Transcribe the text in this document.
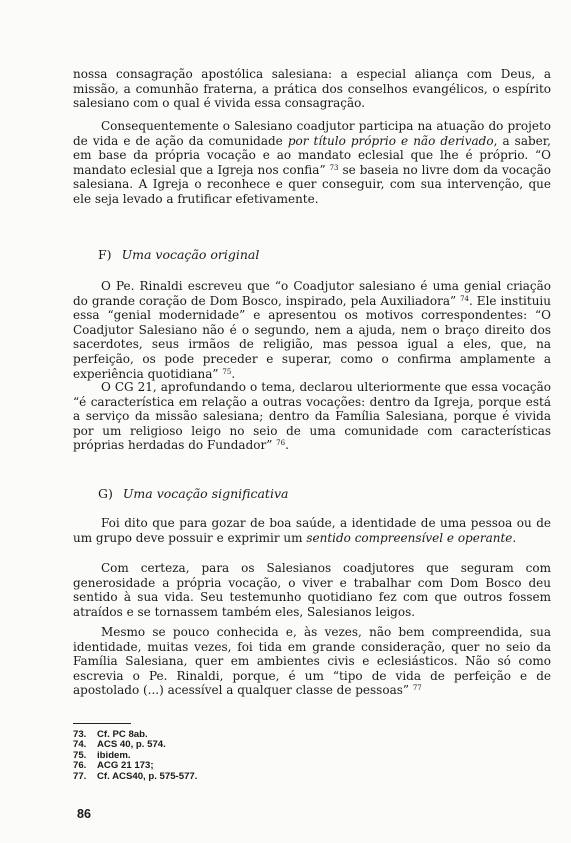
nossa consagração apostólica salesiana: a especial aliança com Deus, a missão, a comunhão fraterna, a prática dos conselhos evangélicos, o espírito salesiano com o qual é vivida essa consagração.

Consequentemente o Salesiano coadjutor participa na atuação do projeto de vida e de ação da comunidade por título próprio e não derivado, a saber, em base da própria vocação e ao mandato eclesial que lhe é próprio. “O mandato eclesial que a Igreja nos confia” $^{73}$ se baseia no livre dom da vocação salesiana. A Igreja o reconhece e quer conseguir, com sua intervenção, que ele seja levado a frutificar efetivamente.

F) Uma vocação original

O Pe. Rinaldi escreveu que “o Coadjutor salesiano é uma genial criação do grande coração de Dom Bosco, inspirado, pela Auxiliadora” $^{74}$. Ele instituiu essa “genial modernidade” e apresentou os motivos correspondentes: “O Coadjutor Salesiano não é o segundo, nem a ajuda, nem o braço direito dos sacerdotes, seus irmãos de religião, mas pessoa igual a eles, que, na perfeição, os pode preceder e superar, como o confirma amplamente a experiência quotidiana” $^{75}$.

O CG 21, aprofundando o tema, declarou ulteriormente que essa vocação “é característica em relação a outras vocações: dentro da Igreja, porque está a serviço da missão salesiana; dentro da Família Salesiana, porque é vivida por um religioso leigo no seio de uma comunidade com características próprias herdadas do Fundador” $^{76}$.

G) Uma vocação significativa

Foi dito que para gozar de boa saúde, a identidade de uma pessoa ou de um grupo deve possuir e exprimir um sentido compreensível e operante.

Com certeza, para os Salesianos coadjutores que seguram com generosidade a própria vocação, o viver e trabalhar com Dom Bosco deu sentido à sua vida. Seu testemunho quotidiano fez com que outros fossem atraídos e se tornassem também eles, Salesianos leigos.

Mesmo se pouco conhecida e, às vezes, não bem compreendida, sua identidade, muitas vezes, foi tida em grande consideração, quer no seio da Família Salesiana, quer em ambientes civis e eclesiásticos. Não só como escrevia o Pe. Rinaldi, porque, é um “tipo de vida de perfeição e de apostolado (...) acessível a qualquer classe de pessoas” $^{77}$

73. Cf. PC 8ab.
74. ACS 40, p. 574.
75. ibidem.
76. ACG 21 173;
77. Cf. ACS40, p. 575-577.
86
